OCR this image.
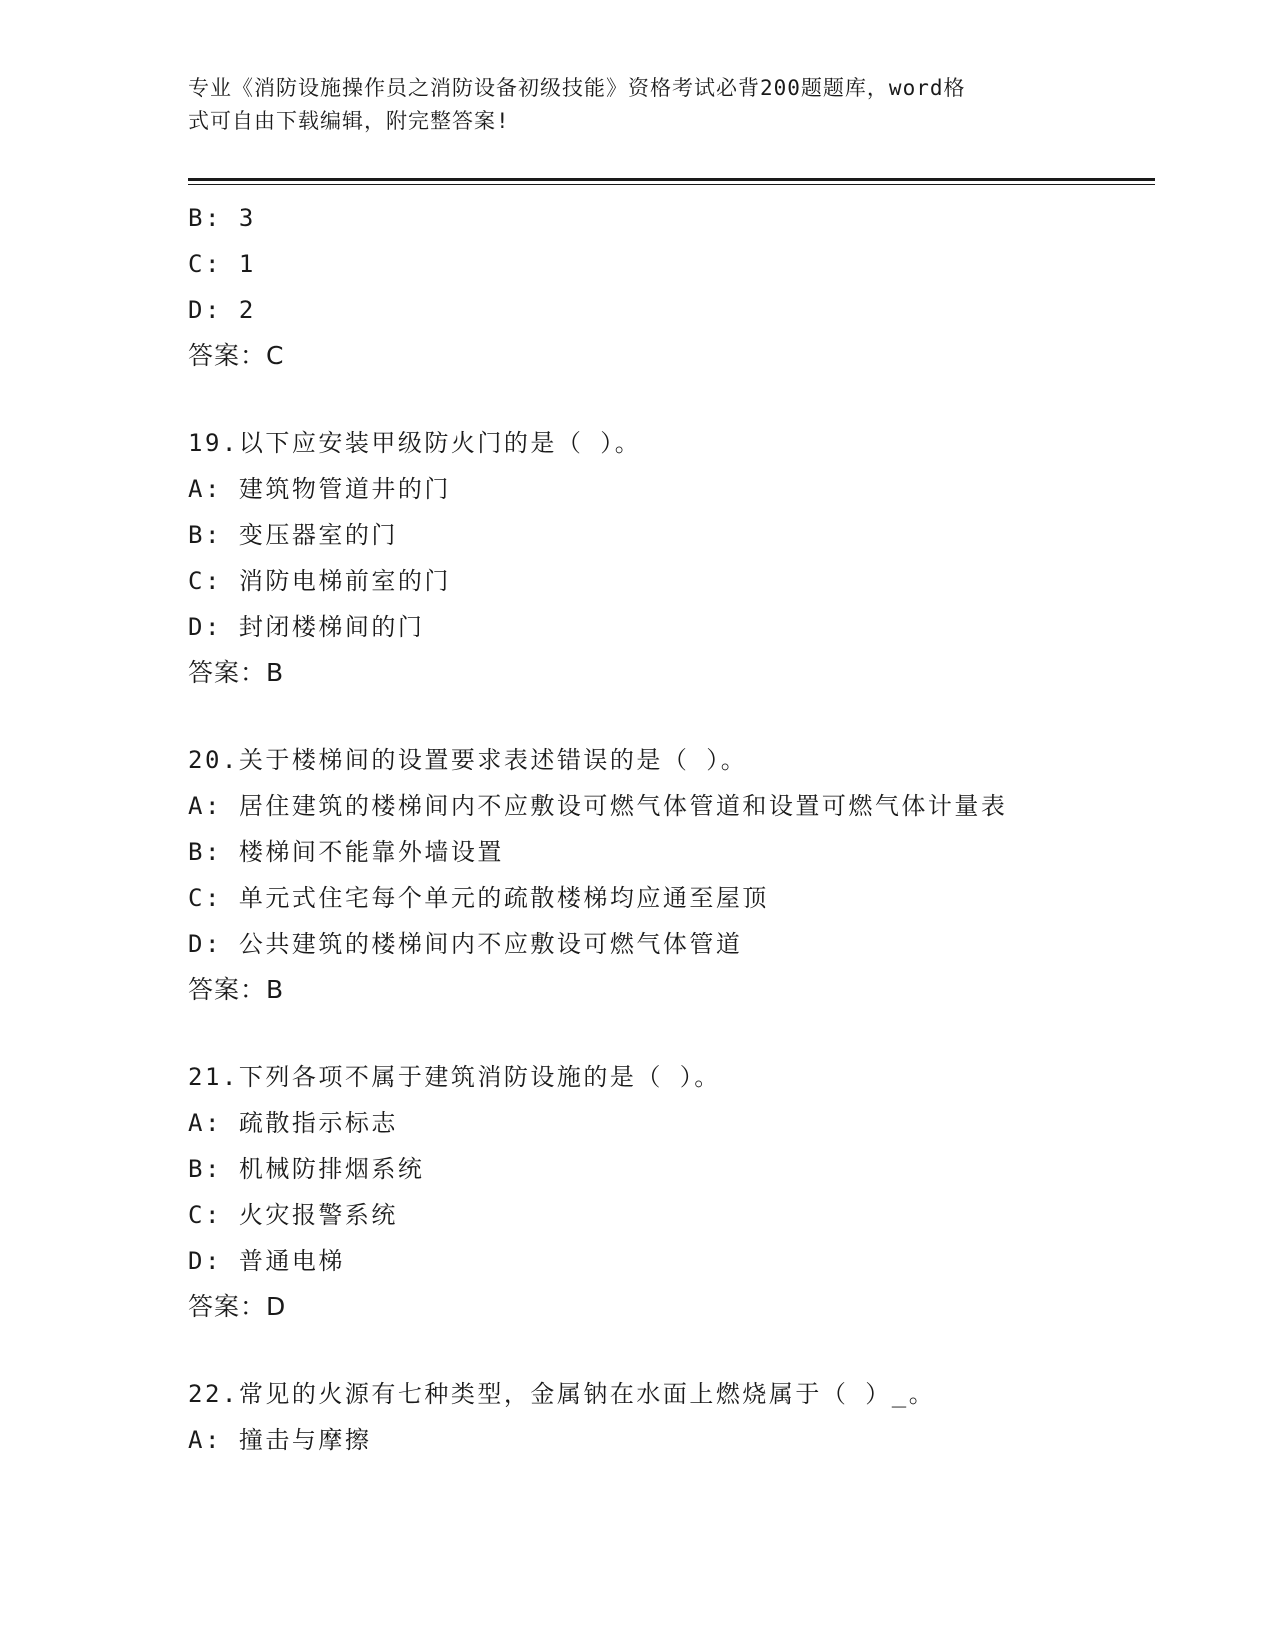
专业《消防设施操作员之消防设备初级技能》资格考试必背200题题库，word格
式可自由下载编辑，附完整答案!
B: 3
C: 1
D: 2
答案：C
19.以下应安装甲级防火门的是（ ）。
A: 建筑物管道井的门
B: 变压器室的门
C: 消防电梯前室的门
D: 封闭楼梯间的门
答案：B
20.关于楼梯间的设置要求表述错误的是（ ）。
A: 居住建筑的楼梯间内不应敷设可燃气体管道和设置可燃气体计量表
B: 楼梯间不能靠外墙设置
C: 单元式住宅每个单元的疏散楼梯均应通至屋顶
D: 公共建筑的楼梯间内不应敷设可燃气体管道
答案：B
21.下列各项不属于建筑消防设施的是（ ）。
A: 疏散指示标志
B: 机械防排烟系统
C: 火灾报警系统
D: 普通电梯
答案：D
22.常见的火源有七种类型，金属钠在水面上燃烧属于（ ）_。
A: 撞击与摩擦
